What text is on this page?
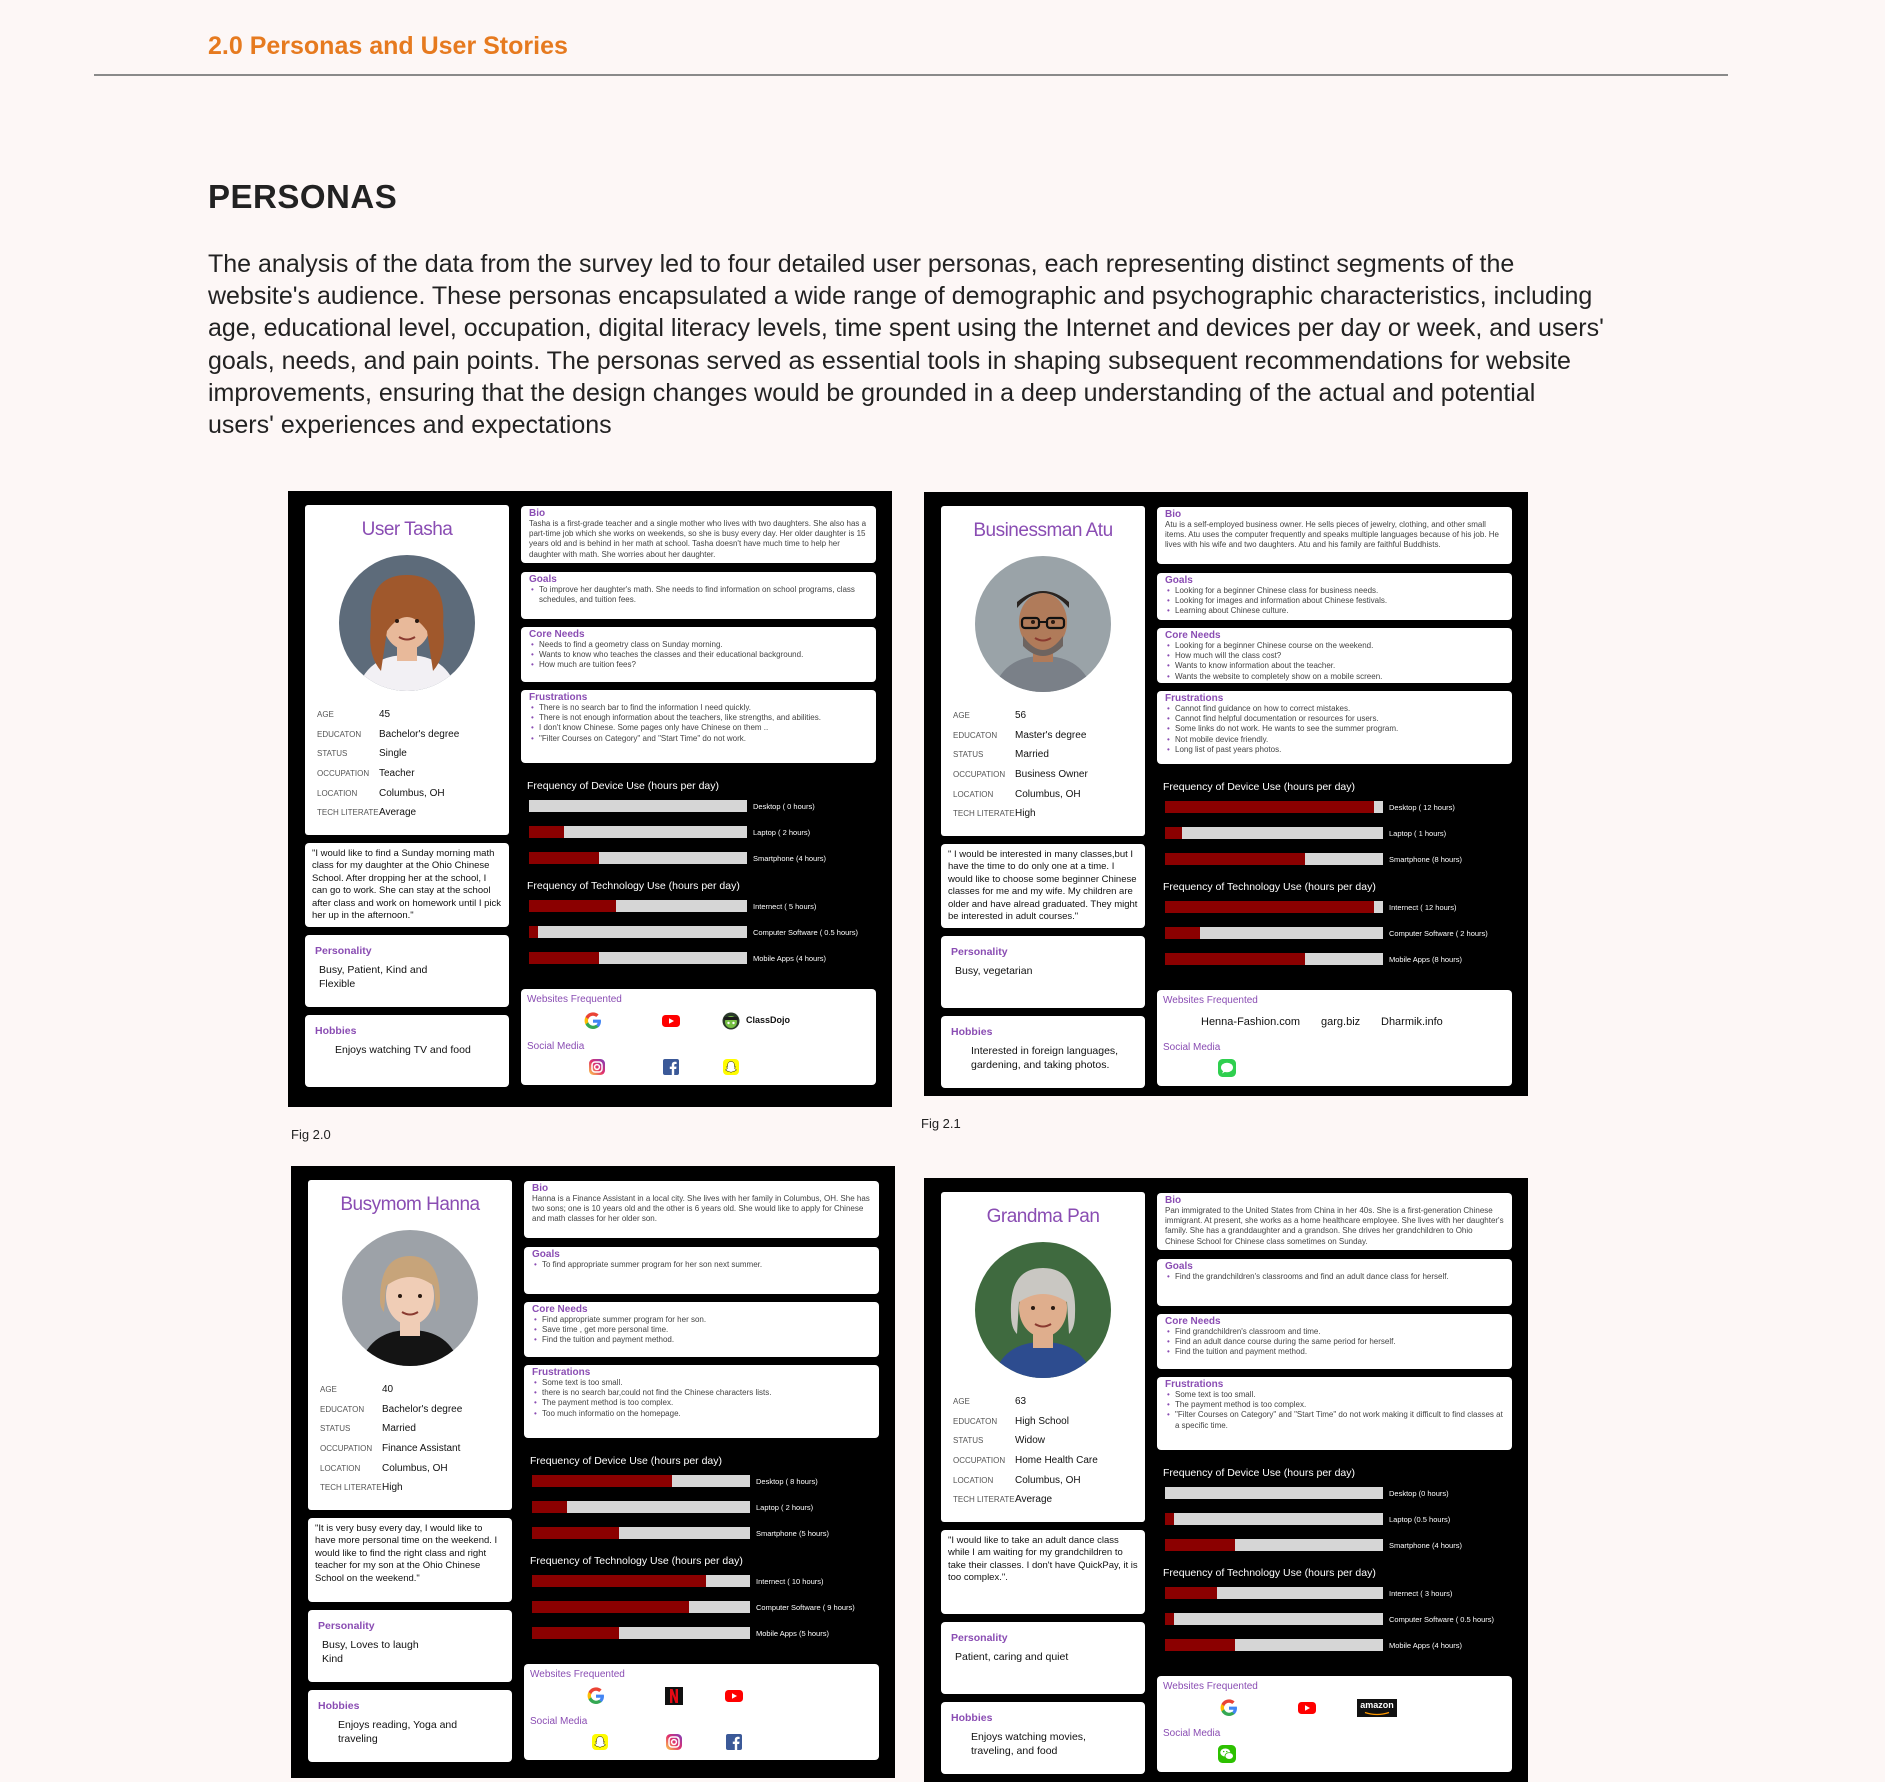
2.0 Personas and User Stories
PERSONAS
The analysis of the data from the survey led to four detailed user personas, each representing distinct segments of the website's audience. These personas encapsulated a wide range of demographic and psychographic characteristics, including age, educational level, occupation, digital literacy levels, time spent using the Internet and devices per day or week, and users' goals, needs, and pain points. The personas served as essential tools in shaping subsequent recommendations for website improvements, ensuring that the design changes would be grounded in a deep understanding of the actual and potential users' experiences and expectations
User Tasha
AGE	45
EDUCATON	Bachelor's degree
STATUS	Single
OCCUPATION Teacher
LOCATION	Columbus, OH
TECH LITERATE Average
"I would like to find a Sunday morning math class for my daughter at the Ohio Chinese School. After dropping her at the school, I can go to work. She can stay at the school after class and work on homework until I pick her up in the afternoon."
Personality
Busy, Patient, Kind and Flexible
Hobbies
Enjoys watching TV and food
Bio
Tasha is a first-grade teacher and a single mother who lives with two daughters. She also has a part-time job which she works on weekends, so she is busy every day. Her older daughter is 15 years old and is behind in her math at school. Tasha doesn't have much time to help her daughter with math. She worries about her daughter.
Goals
• To improve her daughter's math. She needs to find information on school programs, class schedules, and tuition fees.
Core Needs
• Needs to find a geometry class on Sunday morning.
• Wants to know who teaches the classes and their educational background.
• How much are tuition fees?
Frustrations
• There is no search bar to find the information I need quickly.
• There is not enough information about the teachers, like strengths, and abilities.
• I don't know Chinese. Some pages only have Chinese on them ..
• "Filter Courses on Category" and "Start Time" do not work.
Frequency of Device Use (hours per day)
Desktop ( 0 hours)
Laptop ( 2 hours)
Smartphone (4 hours)
Frequency of Technology Use (hours per day)
Internect ( 5 hours)
Computer Software ( 0.5 hours)
Mobile Apps (4 hours)
Websites Frequented
ClassDojo
Social Media
Fig 2.0
Businessman Atu
AGE	56
EDUCATON	Master's degree
STATUS	Married
OCCUPATION Business Owner
LOCATION	Columbus, OH
TECH LITERATE High
" I would be interested in many classes,but I have the time to do only one at a time. I would like to choose some beginner Chinese classes for me and my wife. My children are older and have alread graduated. They might be interested in adult courses."
Personality
Busy, vegetarian
Hobbies
Interested in foreign languages, gardening, and taking photos.
Bio
Atu is a self-employed business owner. He sells pieces of jewelry, clothing, and other small items. Atu uses the computer frequently and speaks multiple languages because of his job. He lives with his wife and two daughters. Atu and his family are faithful Buddhists.
Goals
• Looking for a beginner Chinese class for business needs.
• Looking for images and information about Chinese festivals.
• Learning about Chinese culture.
Core Needs
• Looking for a beginner Chinese course on the weekend.
• How much will the class cost?
• Wants to know information about the teacher.
• Wants the website to completely show on a mobile screen.
Frustrations
• Cannot find guidance on how to correct mistakes.
• Cannot find helpful documentation or resources for users.
• Some links do not work. He wants to see the summer program.
• Not mobile device friendly.
• Long list of past years photos.
Frequency of Device Use (hours per day)
Desktop ( 12 hours)
Laptop ( 1 hours)
Smartphone (8 hours)
Frequency of Technology Use (hours per day)
Internect ( 12 hours)
Computer Software ( 2 hours)
Mobile Apps (8 hours)
Websites Frequented
Henna-Fashion.com garg.biz Dharmik.info
Social Media
Fig 2.1
Busymom Hanna
AGE	40
EDUCATON	Bachelor's degree
STATUS	Married
OCCUPATION Finance Assistant
LOCATION	Columbus, OH
TECH LITERATE High
"It is very busy every day, I would like to have more personal time on the weekend. I would like to find the right class and right teacher for my son at the Ohio Chinese School on the weekend."
Personality
Busy, Loves to laugh Kind
Hobbies
Enjoys reading, Yoga and traveling
Bio
Hanna is a Finance Assistant in a local city. She lives with her family in Columbus, OH. She has two sons; one is 10 years old and the other is 6 years old. She would like to apply for Chinese and math classes for her older son.
Goals
• To find appropriate summer program for her son next summer.
Core Needs
• Find appropriate summer program for her son.
• Save time , get more personal time.
• Find the tuition and payment method.
Frustrations
• Some text is too small.
• there is no search bar,could not find the Chinese characters lists.
• The payment method is too complex.
• Too much informatio on the homepage.
Frequency of Device Use (hours per day)
Desktop ( 8 hours)
Laptop ( 2 hours)
Smartphone (5 hours)
Frequency of Technology Use (hours per day)
Internect ( 10 hours)
Computer Software ( 9 hours)
Mobile Apps (5 hours)
Websites Frequented
Social Media
Grandma Pan
AGE	63
EDUCATON	High School
STATUS	Widow
OCCUPATION Home Health Care
LOCATION	Columbus, OH
TECH LITERATE Average
"I would like to take an adult dance class while I am waiting for my grandchildren to take their classes. I don't have QuickPay, it is too complex.".
Personality
Patient, caring and quiet
Hobbies
Enjoys watching movies, traveling, and food
Bio
Pan immigrated to the United States from China in her 40s. She is a first-generation Chinese immigrant. At present, she works as a home healthcare employee. She lives with her daughter's family. She has a granddaughter and a grandson. She drives her grandchildren to Ohio Chinese School for Chinese class sometimes on Sunday.
Goals
• Find the grandchildren's classrooms and find an adult dance class for herself.
Core Needs
• Find grandchildren's classroom and time.
• Find an adult dance course during the same period for herself.
• Find the tuition and payment method.
Frustrations
• Some text is too small.
• The payment method is too complex.
• "Filter Courses on Category" and "Start Time" do not work making it difficult to find classes at a specific time.
Frequency of Device Use (hours per day)
Desktop (0 hours)
Laptop (0.5 hours)
Smartphone (4 hours)
Frequency of Technology Use (hours per day)
Internect ( 3 hours)
Computer Software ( 0.5 hours)
Mobile Apps (4 hours)
Websites Frequented
amazon
Social Media
